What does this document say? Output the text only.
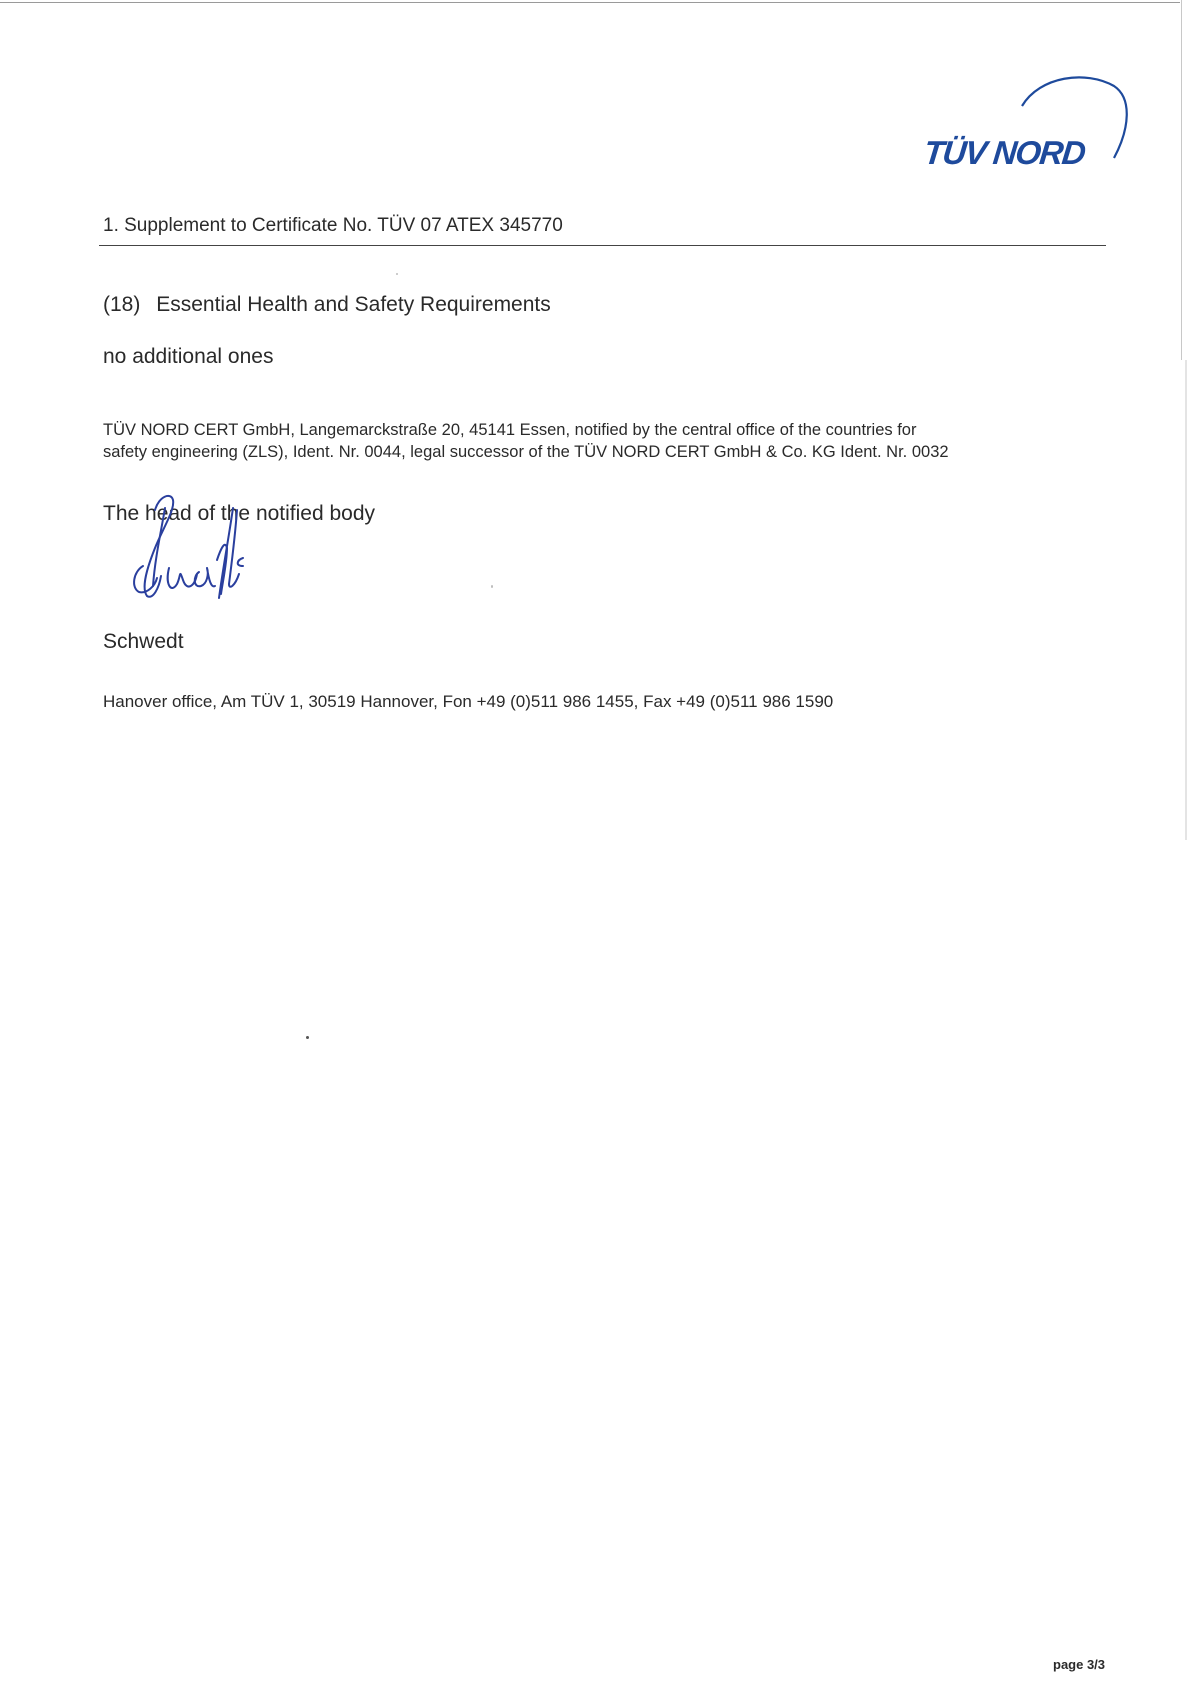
TÜV NORD
1. Supplement to Certificate No. TÜV 07 ATEX 345770
(18) Essential Health and Safety Requirements
no additional ones
TÜV NORD CERT GmbH, Langemarckstraße 20, 45141 Essen, notified by the central office of the countries for
safety engineering (ZLS), Ident. Nr. 0044, legal successor of the TÜV NORD CERT GmbH & Co. KG Ident. Nr. 0032
The head of the notified body
Schwedt
Hanover office, Am TÜV 1, 30519 Hannover, Fon +49 (0)511 986 1455, Fax +49 (0)511 986 1590
page 3/3
